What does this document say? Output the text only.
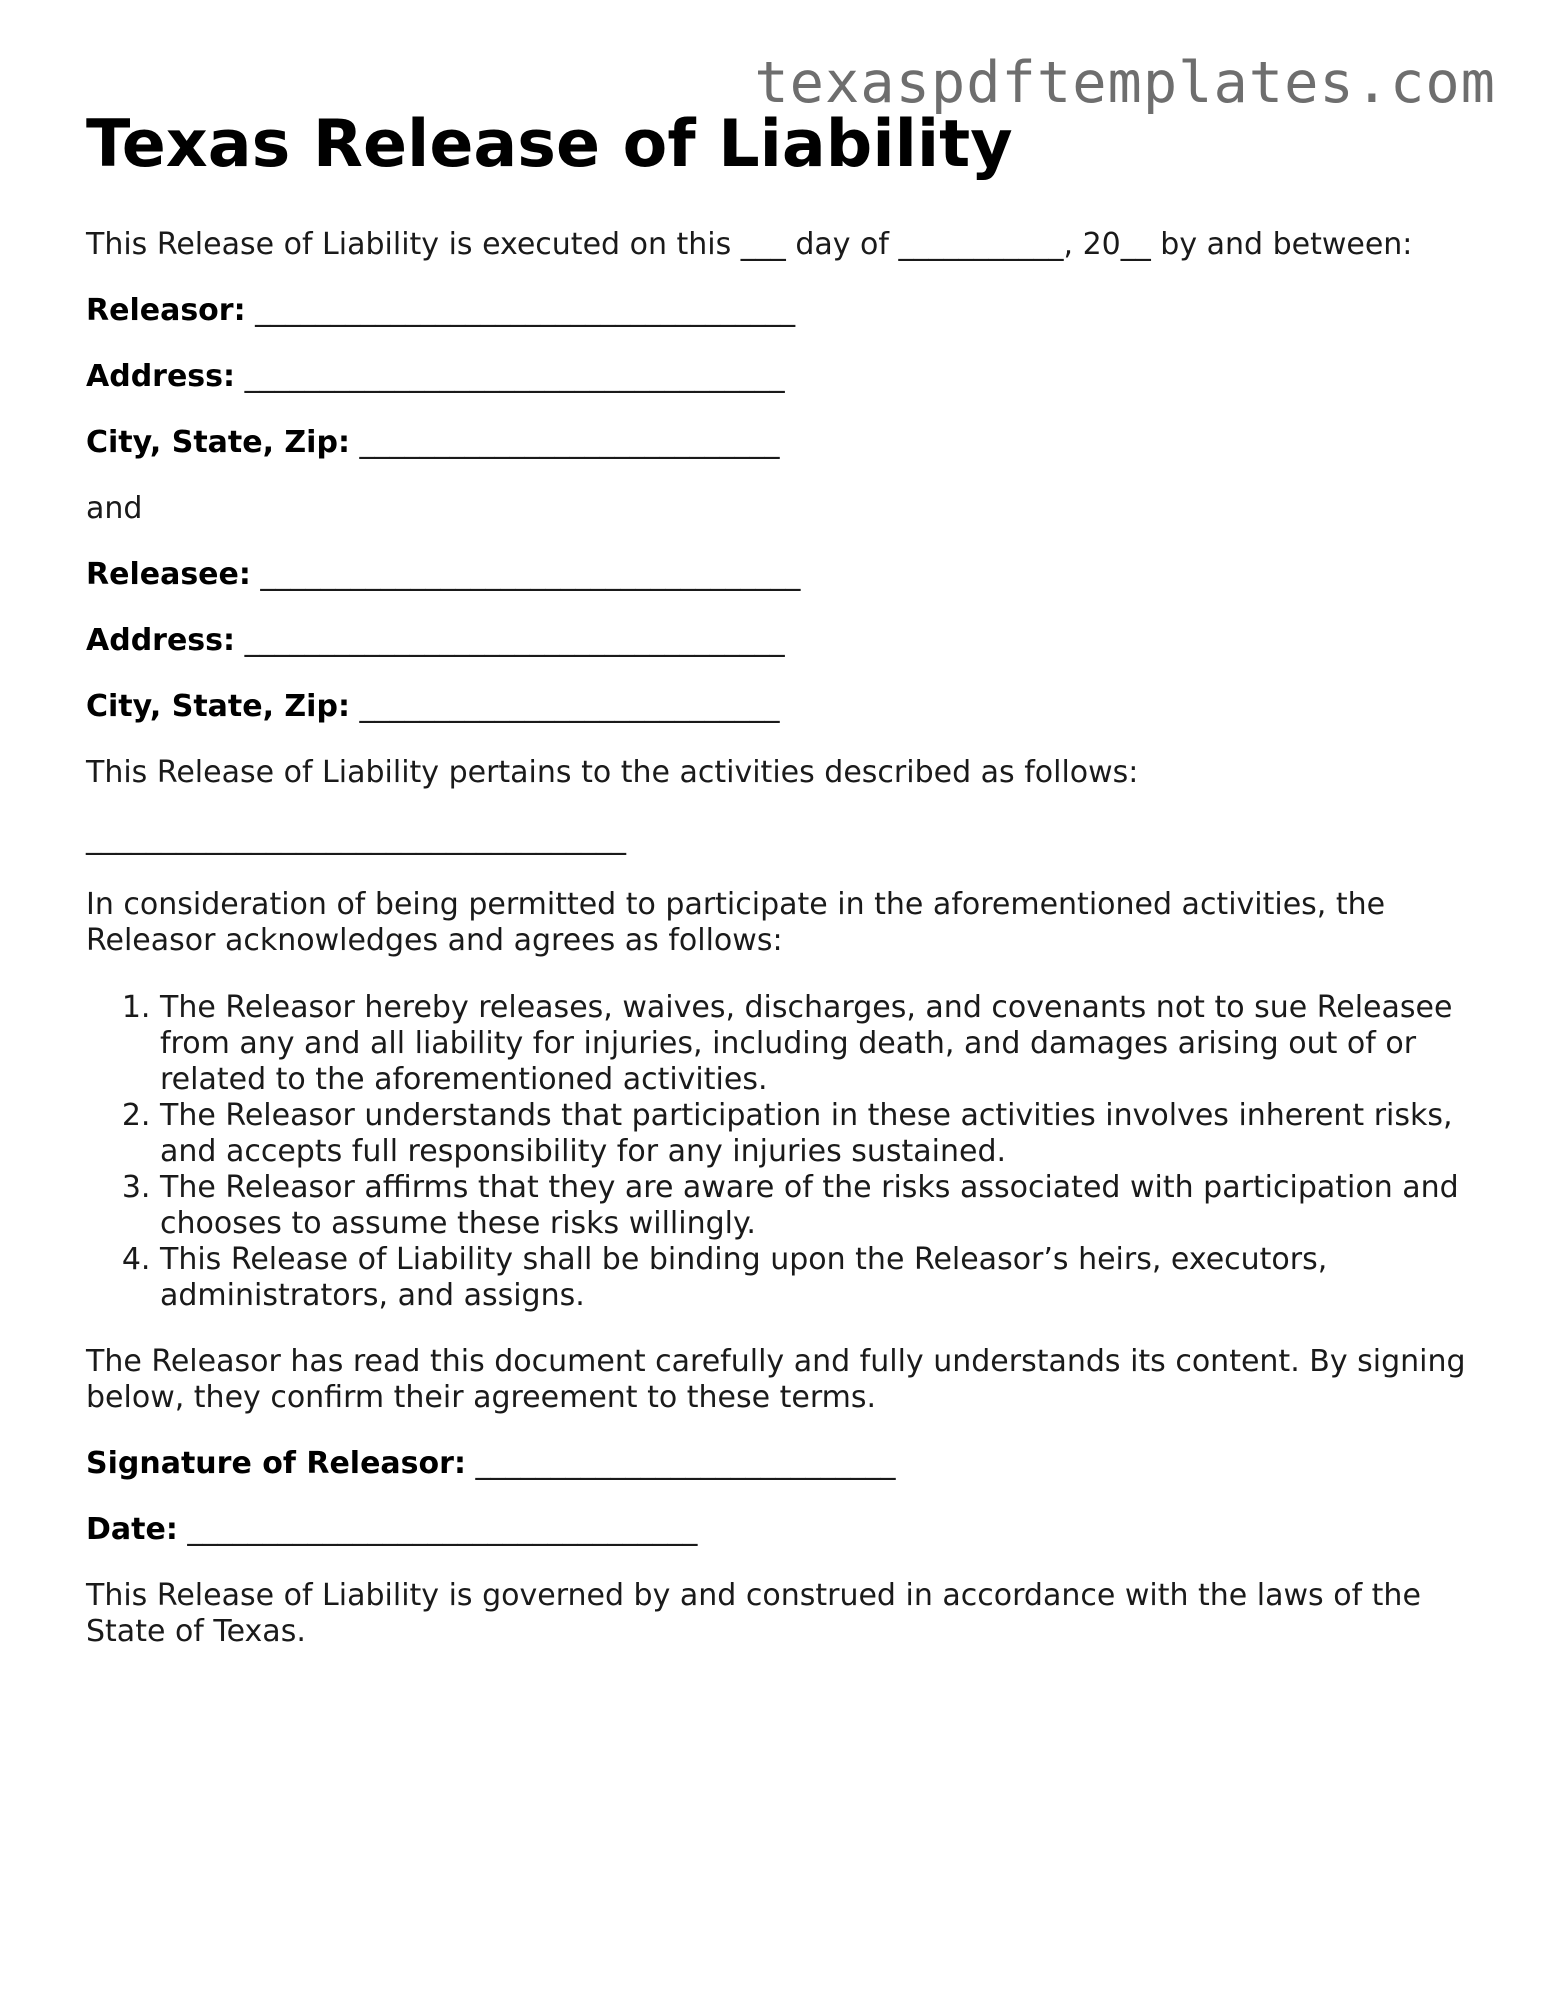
texaspdftemplates.com
Texas Release of Liability

This Release of Liability is executed on this ___ day of ___________, 20__ by and between:

Releasor: ____________________________________

Address: ____________________________________

City, State, Zip: ____________________________

and

Releasee: ____________________________________

Address: ____________________________________

City, State, Zip: ____________________________

This Release of Liability pertains to the activities described as follows:

____________________________________

In consideration of being permitted to participate in the aforementioned activities, the Releasor acknowledges and agrees as follows:

1. The Releasor hereby releases, waives, discharges, and covenants not to sue Releasee from any and all liability for injuries, including death, and damages arising out of or related to the aforementioned activities.
2. The Releasor understands that participation in these activities involves inherent risks, and accepts full responsibility for any injuries sustained.
3. The Releasor affirms that they are aware of the risks associated with participation and chooses to assume these risks willingly.
4. This Release of Liability shall be binding upon the Releasor’s heirs, executors, administrators, and assigns.

The Releasor has read this document carefully and fully understands its content. By signing below, they confirm their agreement to these terms.

Signature of Releasor: ____________________________

Date: __________________________________

This Release of Liability is governed by and construed in accordance with the laws of the State of Texas.
